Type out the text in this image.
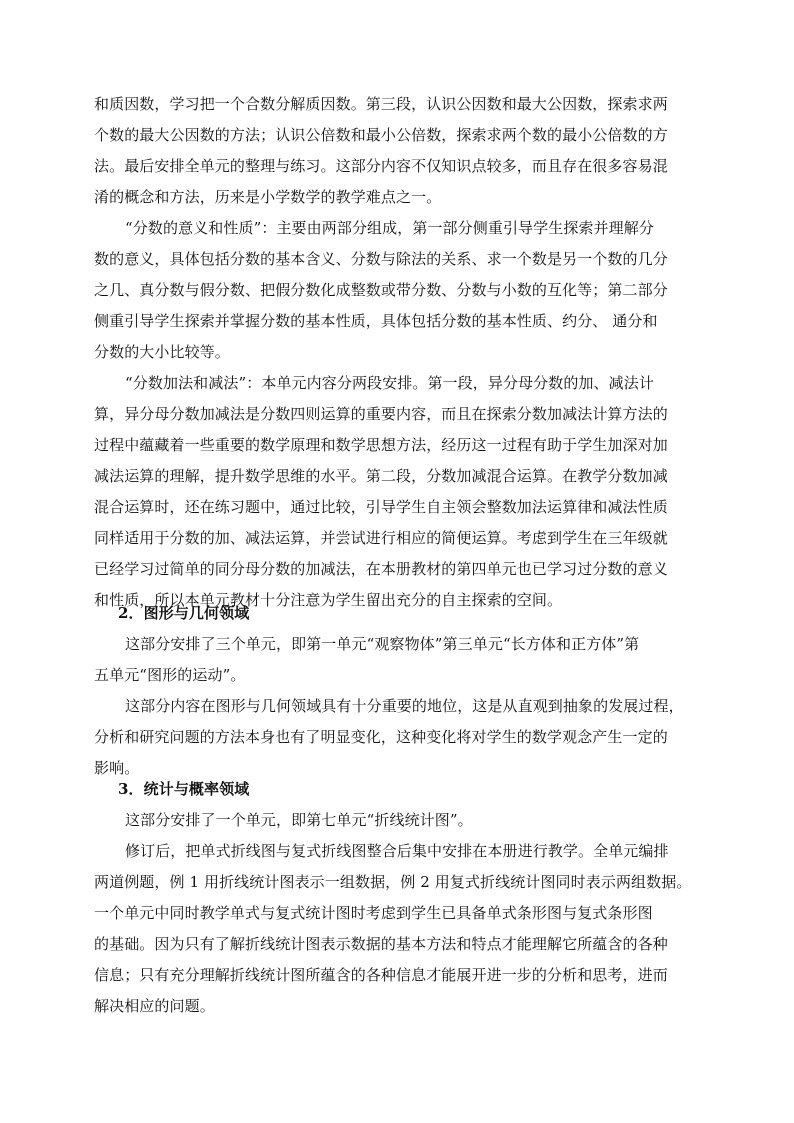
和质因数，学习把一个合数分解质因数。第三段，认识公因数和最大公因数，探索求两
个数的最大公因数的方法；认识公倍数和最小公倍数，探索求两个数的最小公倍数的方
法。最后安排全单元的整理与练习。这部分内容不仅知识点较多，而且存在很多容易混
淆的概念和方法，历来是小学数学的教学难点之一。
“分数的意义和性质”：主要由两部分组成，第一部分侧重引导学生探索并理解分
数的意义，具体包括分数的基本含义、分数与除法的关系、求一个数是另一个数的几分
之几、真分数与假分数、把假分数化成整数或带分数、分数与小数的互化等；第二部分
侧重引导学生探索并掌握分数的基本性质，具体包括分数的基本性质、约分、 通分和
分数的大小比较等。
“分数加法和减法”：本单元内容分两段安排。第一段，异分母分数的加、减法计
算，异分母分数加减法是分数四则运算的重要内容，而且在探索分数加减法计算方法的
过程中蕴藏着一些重要的数学原理和数学思想方法，经历这一过程有助于学生加深对加
减法运算的理解，提升数学思维的水平。第二段，分数加减混合运算。在教学分数加减
混合运算时，还在练习题中，通过比较，引导学生自主领会整数加法运算律和减法性质
同样适用于分数的加、减法运算，并尝试进行相应的简便运算。考虑到学生在三年级就
已经学习过简单的同分母分数的加减法，在本册教材的第四单元也已学习过分数的意义
和性质，所以本单元教材十分注意为学生留出充分的自主探索的空间。
2．图形与几何领域
这部分安排了三个单元，即第一单元“观察物体”第三单元“长方体和正方体”第
五单元“图形的运动”。
这部分内容在图形与几何领域具有十分重要的地位，这是从直观到抽象的发展过程，
分析和研究问题的方法本身也有了明显变化，这种变化将对学生的数学观念产生一定的
影响。
3．统计与概率领域
这部分安排了一个单元，即第七单元“折线统计图”。
修订后，把单式折线图与复式折线图整合后集中安排在本册进行教学。全单元编排
两道例题，例 1 用折线统计图表示一组数据，例 2 用复式折线统计图同时表示两组数据。
一个单元中同时教学单式与复式统计图时考虑到学生已具备单式条形图与复式条形图
的基础。因为只有了解折线统计图表示数据的基本方法和特点才能理解它所蕴含的各种
信息；只有充分理解折线统计图所蕴含的各种信息才能展开进一步的分析和思考，进而
解决相应的问题。
